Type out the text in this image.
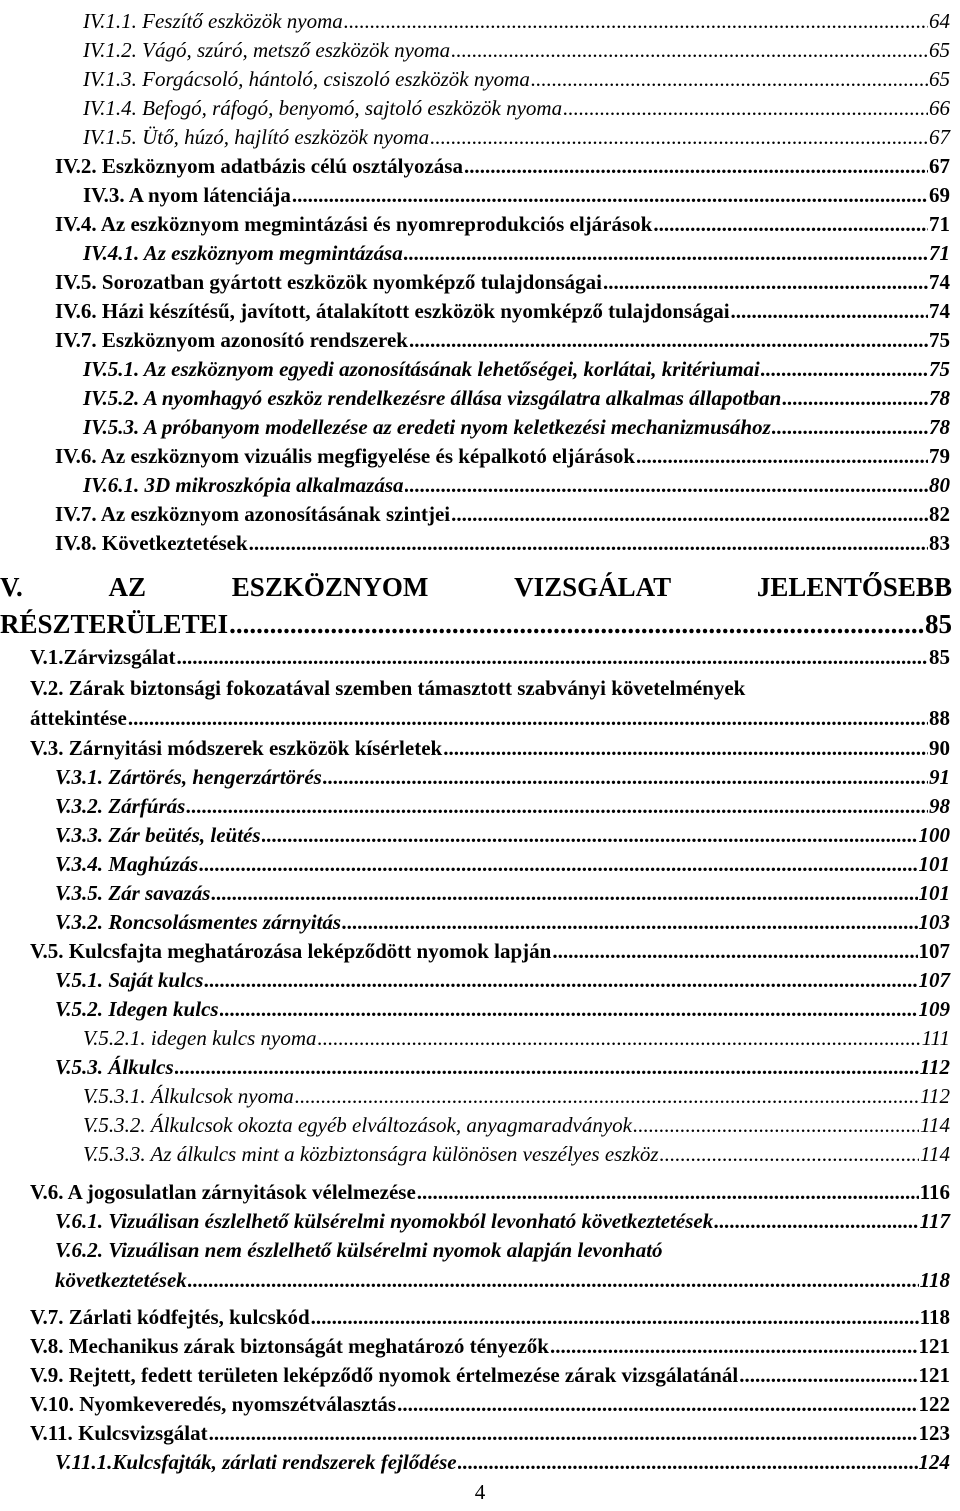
IV.1.1. Feszítő eszközök nyoma .....	64
IV.1.2. Vágó, szúró, metsző eszközök nyoma .....	65
IV.1.3. Forgácsoló, hántoló, csiszoló eszközök nyoma .....	65
IV.1.4. Befogó, ráfogó, benyomó, sajtoló eszközök nyoma .....	66
IV.1.5. Ütő, húzó, hajlító eszközök nyoma .....	67
IV.2. Eszköznyom adatbázis célú osztályozása .....	67
IV.3. A nyom látenciája .....	69
IV.4. Az eszköznyom megmintázási és nyomreprodukciós eljárások .....	71
IV.4.1. Az eszköznyom megmintázása .....	71
IV.5. Sorozatban gyártott eszközök nyomképző tulajdonságai .....	74
IV.6. Házi készítésű, javított, átalakított eszközök nyomképző tulajdonságai .....	74
IV.7. Eszköznyom azonosító rendszerek .....	75
IV.5.1. Az eszköznyom egyedi azonosításának lehetőségei, korlátai, kritériumai .....	75
IV.5.2. A nyomhagyó eszköz rendelkezésre állása vizsgálatra alkalmas állapotban .....	78
IV.5.3. A próbanyom modellezése az eredeti nyom keletkezési mechanizmusához .....	78
IV.6. Az eszköznyom vizuális megfigyelése és képalkotó eljárások .....	79
IV.6.1. 3D mikroszkópia alkalmazása .....	80
IV.7. Az eszköznyom azonosításának szintjei .....	82
IV.8. Következtetések .....	83
V.	AZ	ESZKÖZNYOM	VIZSGÁLAT	JELENTŐSEBB
RÉSZTERÜLETEI .....	85
V.1.Zárvizsgálat .....	85
V.2. Zárak biztonsági fokozatával szemben támasztott szabványi követelmények
áttekintése .....	88
V.3. Zárnyitási módszerek eszközök kísérletek .....	90
V.3.1. Zártörés, hengerzártörés .....	91
V.3.2. Zárfúrás .....	98
V.3.3. Zár beütés, leütés .....	100
V.3.4. Maghúzás .....	101
V.3.5. Zár savazás .....	101
V.3.2. Roncsolásmentes zárnyitás .....	103
V.5. Kulcsfajta meghatározása leképződött nyomok lapján .....	107
V.5.1. Saját kulcs .....	107
V.5.2. Idegen kulcs .....	109
V.5.2.1. idegen kulcs nyoma .....	111
V.5.3. Álkulcs .....	112
V.5.3.1. Álkulcsok nyoma .....	112
V.5.3.2. Álkulcsok okozta egyéb elváltozások, anyagmaradványok .....	114
V.5.3.3. Az álkulcs mint a közbiztonságra különösen veszélyes eszköz .....	114
V.6. A jogosulatlan zárnyitások vélelmezése .....	116
V.6.1. Vizuálisan észlelhető külsérelmi nyomokból levonható következtetések .....	117
V.6.2. Vizuálisan nem észlelhető külsérelmi nyomok alapján levonható
következtetések .....	118
V.7. Zárlati kódfejtés, kulcskód .....	118
V.8. Mechanikus zárak biztonságát meghatározó tényezők .....	121
V.9. Rejtett, fedett területen leképződő nyomok értelmezése zárak vizsgálatánál .....	121
V.10. Nyomkeveredés, nyomszétválasztás .....	122
V.11. Kulcsvizsgálat .....	123
V.11.1.Kulcsfajták, zárlati rendszerek fejlődése .....	124
4
